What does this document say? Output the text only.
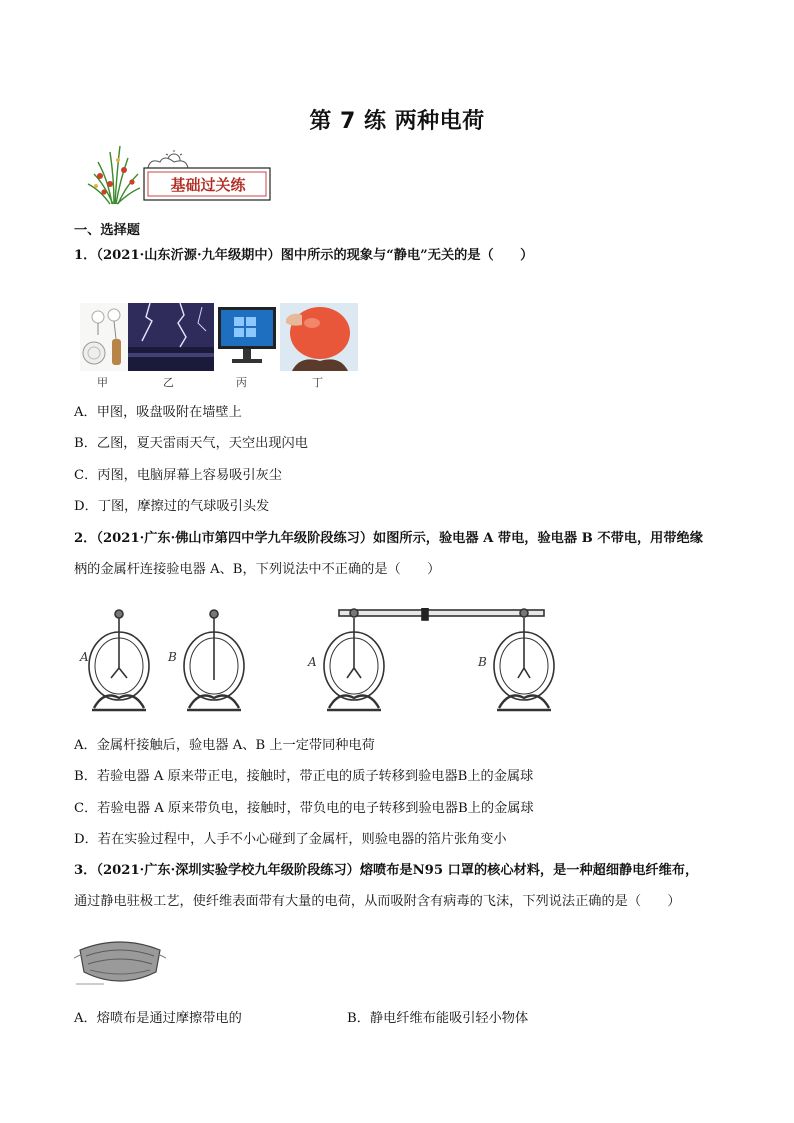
第 7 练 两种电荷
基础过关练
一、选择题
1．（2021·山东沂源·九年级期中）图中所示的现象与“静电”无关的是（　　）
甲	乙	丙	丁
A．甲图，吸盘吸附在墙壁上
B．乙图，夏天雷雨天气，天空出现闪电
C．丙图，电脑屏幕上容易吸引灰尘
D．丁图，摩擦过的气球吸引头发
2．（2021·广东·佛山市第四中学九年级阶段练习）如图所示，验电器 A 带电，验电器 B 不带电，用带绝缘
柄的金属杆连接验电器 A、B，下列说法中不正确的是（　　）
A	B	A	B
A．金属杆接触后，验电器 A、B 上一定带同种电荷
B．若验电器 A 原来带正电，接触时，带正电的质子转移到验电器B上的金属球
C．若验电器 A 原来带负电，接触时，带负电的电子转移到验电器B上的金属球
D．若在实验过程中，人手不小心碰到了金属杆，则验电器的箔片张角变小
3．（2021·广东·深圳实验学校九年级阶段练习）熔喷布是N95 口罩的核心材料，是一种超细静电纤维布，
通过静电驻极工艺，使纤维表面带有大量的电荷，从而吸附含有病毒的飞沫，下列说法正确的是（　　）
A．熔喷布是通过摩擦带电的	B．静电纤维布能吸引轻小物体
